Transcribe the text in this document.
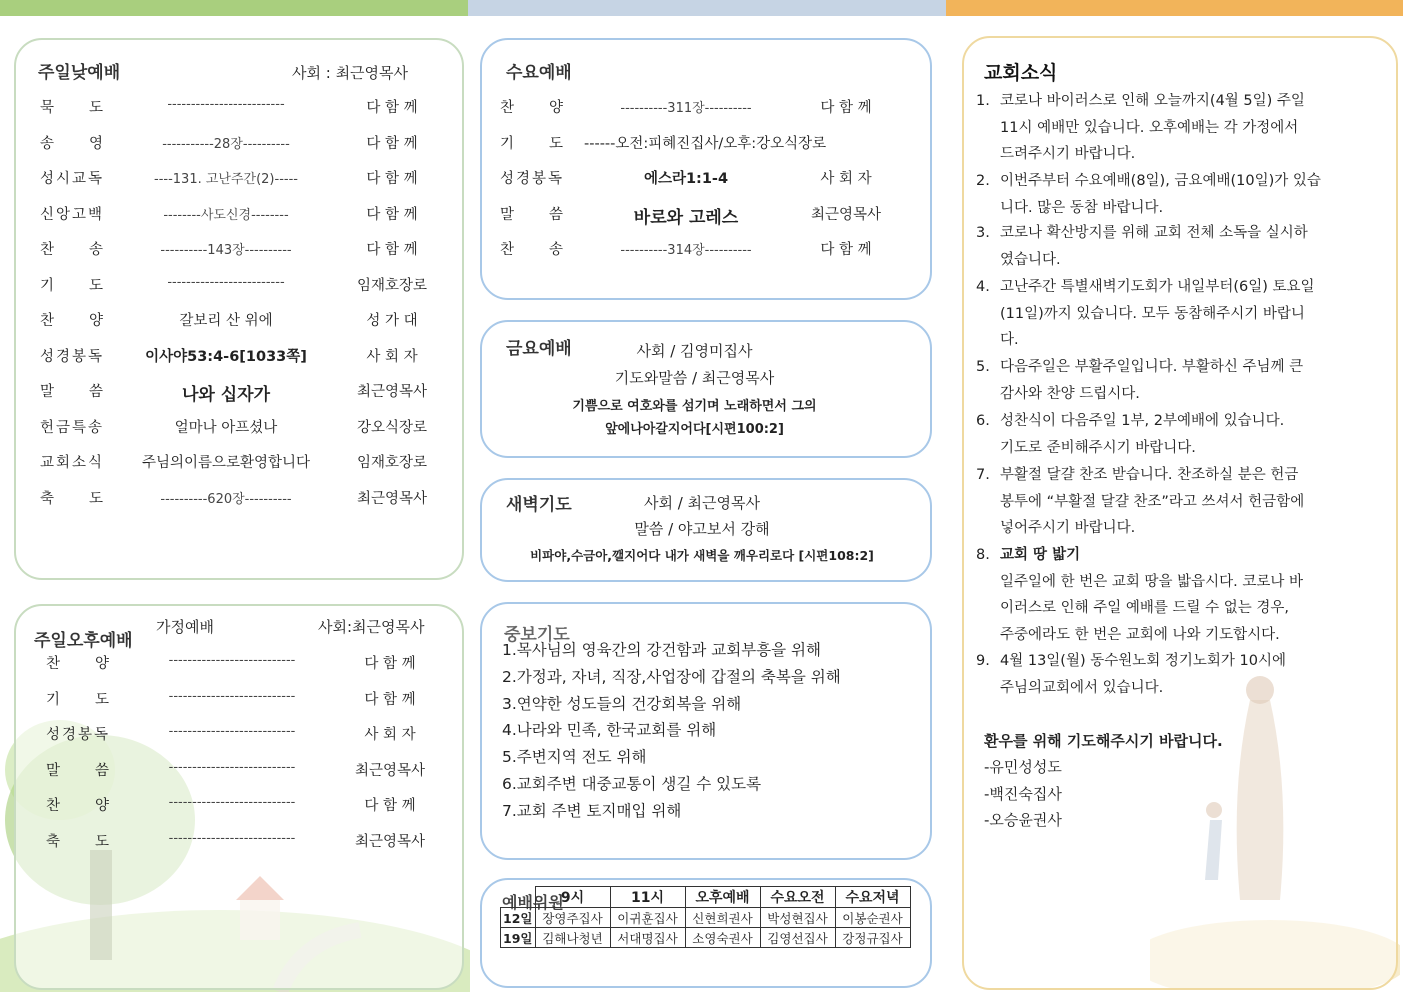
주일낮예배	사회 : 최근영목사
묵　　도	-------------------------	다 함 께
송　　영	-----------28장----------	다 함 께
성시교독	----131. 고난주간(2)-----	다 함 께
신앙고백	--------사도신경--------	다 함 께
찬　　송	----------143장----------	다 함 께
기　　도	-------------------------	임재호장로
찬　　양	갈보리 산 위에	성 가 대
성경봉독	이사야53:4-6[1033쪽]	사 회 자
말　　씀	나와 십자가	최근영목사
헌금특송	얼마나 아프셨나	강오식장로
교회소식	주님의이름으로환영합니다	임재호장로
축　　도	----------620장----------	최근영목사
주일오후예배
가정예배	사회:최근영목사
찬　　양	---------------------------	다 함 께
기　　도	---------------------------	다 함 께
성경봉독	---------------------------	사 회 자
말　　씀	---------------------------	최근영목사
찬　　양	---------------------------	다 함 께
축　　도	---------------------------	최근영목사
수요예배
찬　　양	----------311장----------	다 함 께
기　　도 ------오전:피혜진집사/오후:강오식장로
성경봉독	에스라1:1-4	사 회 자
말　　씀	바로와 고레스	최근영목사
찬　　송	----------314장----------	다 함 께
금요예배	사회 / 김영미집사
기도와말씀 / 최근영목사
기쁨으로 여호와를 섬기며 노래하면서 그의
앞에나아갈지어다[시편100:2]
새벽기도	사회 / 최근영목사
말씀 / 야고보서 강해
비파야,수금아,깰지어다 내가 새벽을 깨우리로다 [시편108:2]
중보기도
1.목사님의 영육간의 강건함과 교회부흥을 위해
2.가정과, 자녀, 직장,사업장에 갑절의 축복을 위해
3.연약한 성도들의 건강회복을 위해
4.나라와 민족, 한국교회를 위해
5.주변지역 전도 위해
6.교회주변 대중교통이 생길 수 있도록
7.교회 주변 토지매입 위해
예배위원
	9시	11시	오후예배	수요오전	수요저녁
12일	장영주집사	이귀훈집사	신현희권사	박성현집사	이봉순권사
19일	김해나청년	서대명집사	소영숙권사	김영선집사	강정규집사
교회소식
1. 코로나 바이러스로 인해 오늘까지(4월 5일) 주일
11시 예배만 있습니다. 오후예배는 각 가정에서
드려주시기 바랍니다.
2. 이번주부터 수요예배(8일), 금요예배(10일)가 있습
니다. 많은 동참 바랍니다.
3. 코로나 확산방지를 위해 교회 전체 소독을 실시하
였습니다.
4. 고난주간 특별새벽기도회가 내일부터(6일) 토요일
(11일)까지 있습니다. 모두 동참해주시기 바랍니
다.
5. 다음주일은 부활주일입니다. 부활하신 주님께 큰
감사와 찬양 드립시다.
6. 성찬식이 다음주일 1부, 2부예배에 있습니다.
기도로 준비해주시기 바랍니다.
7. 부활절 달걀 찬조 받습니다. 찬조하실 분은 헌금
봉투에 “부활절 달걀 찬조”라고 쓰셔서 헌금함에
넣어주시기 바랍니다.
8. 교회 땅 밟기
일주일에 한 번은 교회 땅을 밟읍시다. 코로나 바
이러스로 인해 주일 예배를 드릴 수 없는 경우,
주중에라도 한 번은 교회에 나와 기도합시다.
9. 4월 13일(월) 동수원노회 정기노회가 10시에
주님의교회에서 있습니다.
환우를 위해 기도해주시기 바랍니다.
-유민성성도
-백진숙집사
-오승윤권사
